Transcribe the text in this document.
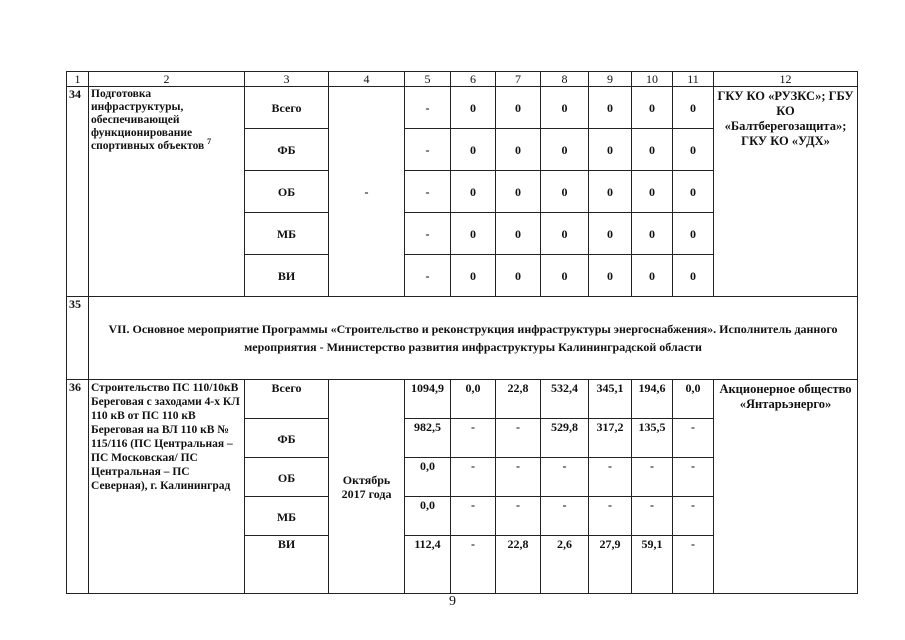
1	2	3	4	5	6	7	8	9	10	11	12
34	Подготовка инфраструктуры, обеспечивающей функционирование спортивных объектов $^7$	Всего	-	-	0	0	0	0	0	0	ГКУ КО «РУЗКС»; ГБУ КО «Балтберегозащита»; ГКУ КО «УДХ»
		ФБ		-	0	0	0	0	0	0	
		ОБ		-	0	0	0	0	0	0	
		МБ		-	0	0	0	0	0	0	
		ВИ		-	0	0	0	0	0	0	
35	VII. Основное мероприятие Программы «Строительство и реконструкция инфраструктуры энергоснабжения». Исполнитель данного мероприятия - Министерство развития инфраструктуры Калининградской области										
36	Строительство ПС 110/10кВ Береговая с заходами 4-х КЛ 110 кВ от ПС 110 кВ Береговая на ВЛ 110 кВ № 115/116 (ПС Центральная – ПС Московская/ ПС Центральная – ПС Северная), г. Калининград	Всего	Октябрь 2017 года	1094,9	0,0	22,8	532,4	345,1	194,6	0,0	Акционерное общество «Янтарьэнерго»
		ФБ		982,5	-	-	529,8	317,2	135,5	-	
		ОБ		0,0	-	-	-	-	-	-	
		МБ		0,0	-	-	-	-	-	-	
		ВИ		112,4	-	22,8	2,6	27,9	59,1	-	
9
